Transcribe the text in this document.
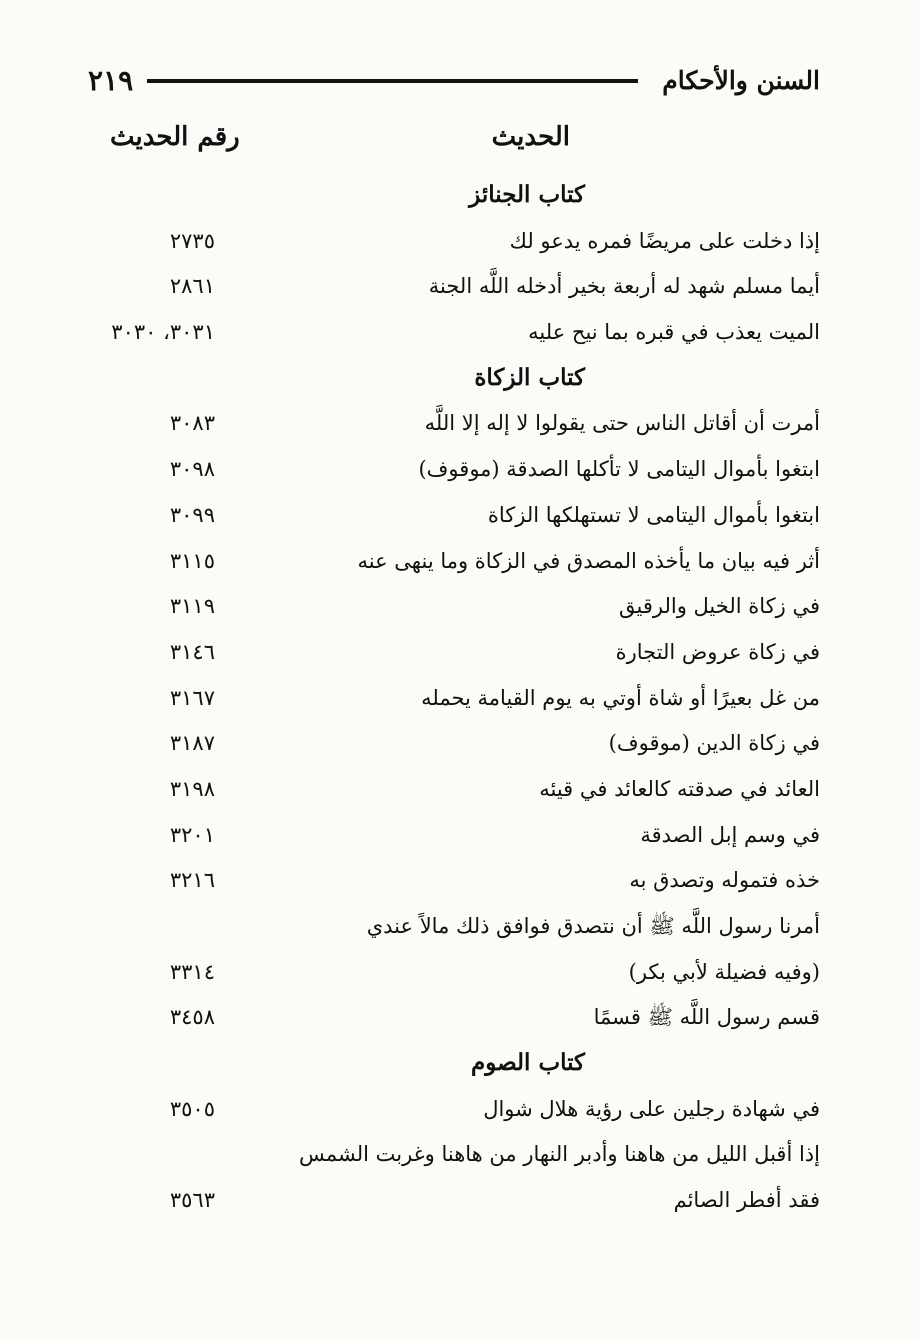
السنن والأحكام
٢١٩
الحديث
رقم الحديث
كتاب الجنائز
إذا دخلت على مريضًا فمره يدعو لك
٢٧٣٥
أيما مسلم شهد له أربعة بخير أدخله اللَّه الجنة
٢٨٦١
الميت يعذب في قبره بما نيح عليه
٣٠٣١، ٣٠٣٠
كتاب الزكاة
أمرت أن أقاتل الناس حتى يقولوا لا إله إلا اللَّه
٣٠٨٣
ابتغوا بأموال اليتامى لا تأكلها الصدقة (موقوف)
٣٠٩٨
ابتغوا بأموال اليتامى لا تستهلكها الزكاة
٣٠٩٩
أثر فيه بيان ما يأخذه المصدق في الزكاة وما ينهى عنه
٣١١٥
في زكاة الخيل والرقيق
٣١١٩
في زكاة عروض التجارة
٣١٤٦
من غل بعيرًا أو شاة أوتي به يوم القيامة يحمله
٣١٦٧
في زكاة الدين (موقوف)
٣١٨٧
العائد في صدقته كالعائد في قيئه
٣١٩٨
في وسم إبل الصدقة
٣٢٠١
خذه فتموله وتصدق به
٣٢١٦
أمرنا رسول اللَّه ﷺ أن نتصدق فوافق ذلك مالاً عندي
(وفيه فضيلة لأبي بكر)
٣٣١٤
قسم رسول اللَّه ﷺ قسمًا
٣٤٥٨
كتاب الصوم
في شهادة رجلين على رؤية هلال شوال
٣٥٠٥
إذا أقبل الليل من هاهنا وأدبر النهار من هاهنا وغربت الشمس
فقد أفطر الصائم
٣٥٦٣
